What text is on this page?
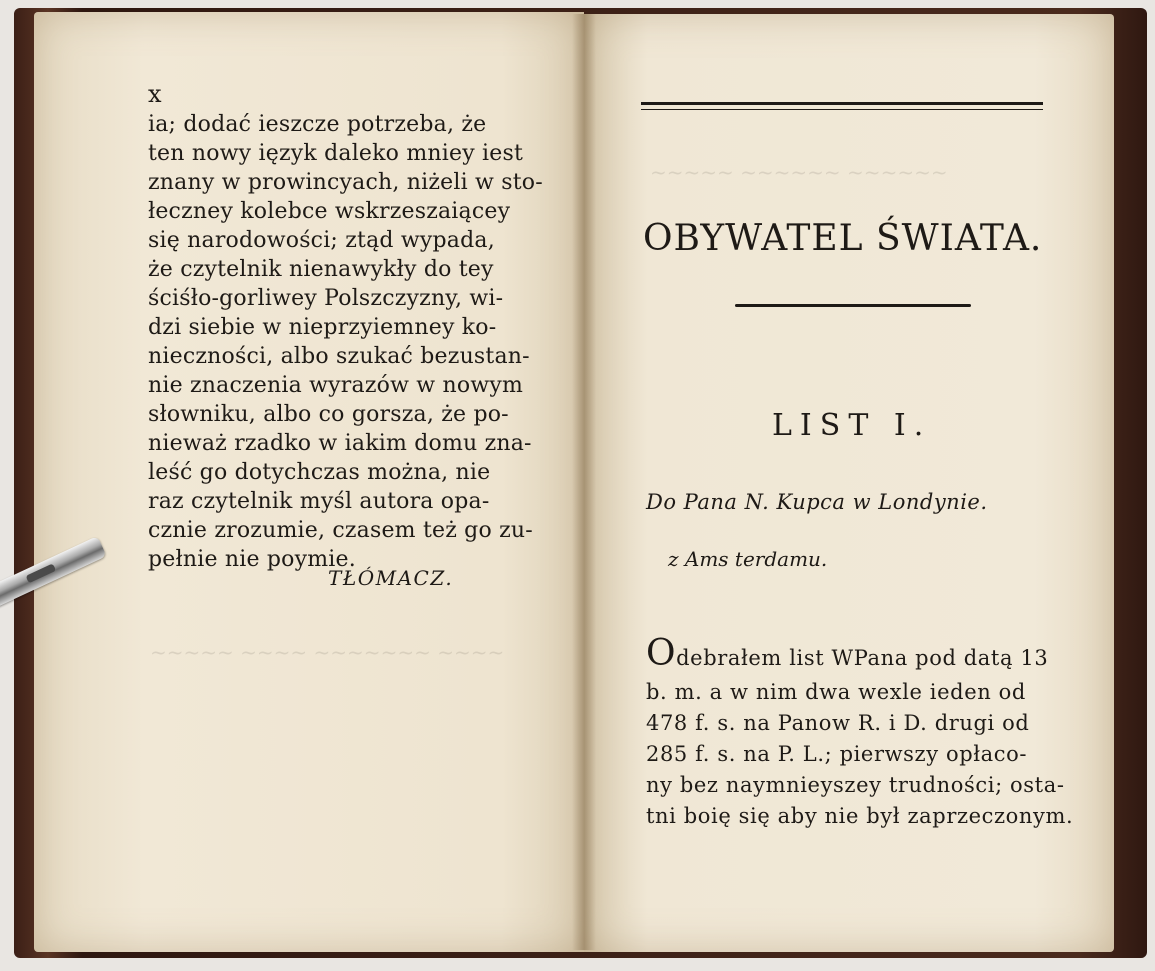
~~~~~ ~~~~~~ ~~~~~~
~~~~~ ~~~~ ~~~~~~~ ~~~~
x
ia; dodać ieszcze potrzeba, że
ten nowy ięzyk daleko mniey iest
znany w prowincyach, niżeli w sto-
łeczney kolebce wskrzeszaiącey
się narodowości; ztąd wypada,
że czytelnik nienawykły do tey
ściśło-gorliwey Polszczyzny, wi-
dzi siebie w nieprzyiemney ko-
nieczności, albo szukać bezustan-
nie znaczenia wyrazów w nowym
słowniku, albo co gorsza, że po-
nieważ rzadko w iakim domu zna-
leść go dotychczas można, nie
raz czytelnik myśl autora opa-
cznie zrozumie, czasem też go zu-
pełnie nie poymie.
TŁÓMACZ.
OBYWATEL ŚWIATA.
LIST I.
Do Pana N. Kupca w Londynie.
z Ams terdamu.
Odebrałem list WPana pod datą 13
b. m. a w nim dwa wexle ieden od
478 f. s. na Panow R. i D. drugi od
285 f. s. na P. L.; pierwszy opłaco-
ny bez naymnieyszey trudności; osta-
tni boię się aby nie był zaprzeczonym.
